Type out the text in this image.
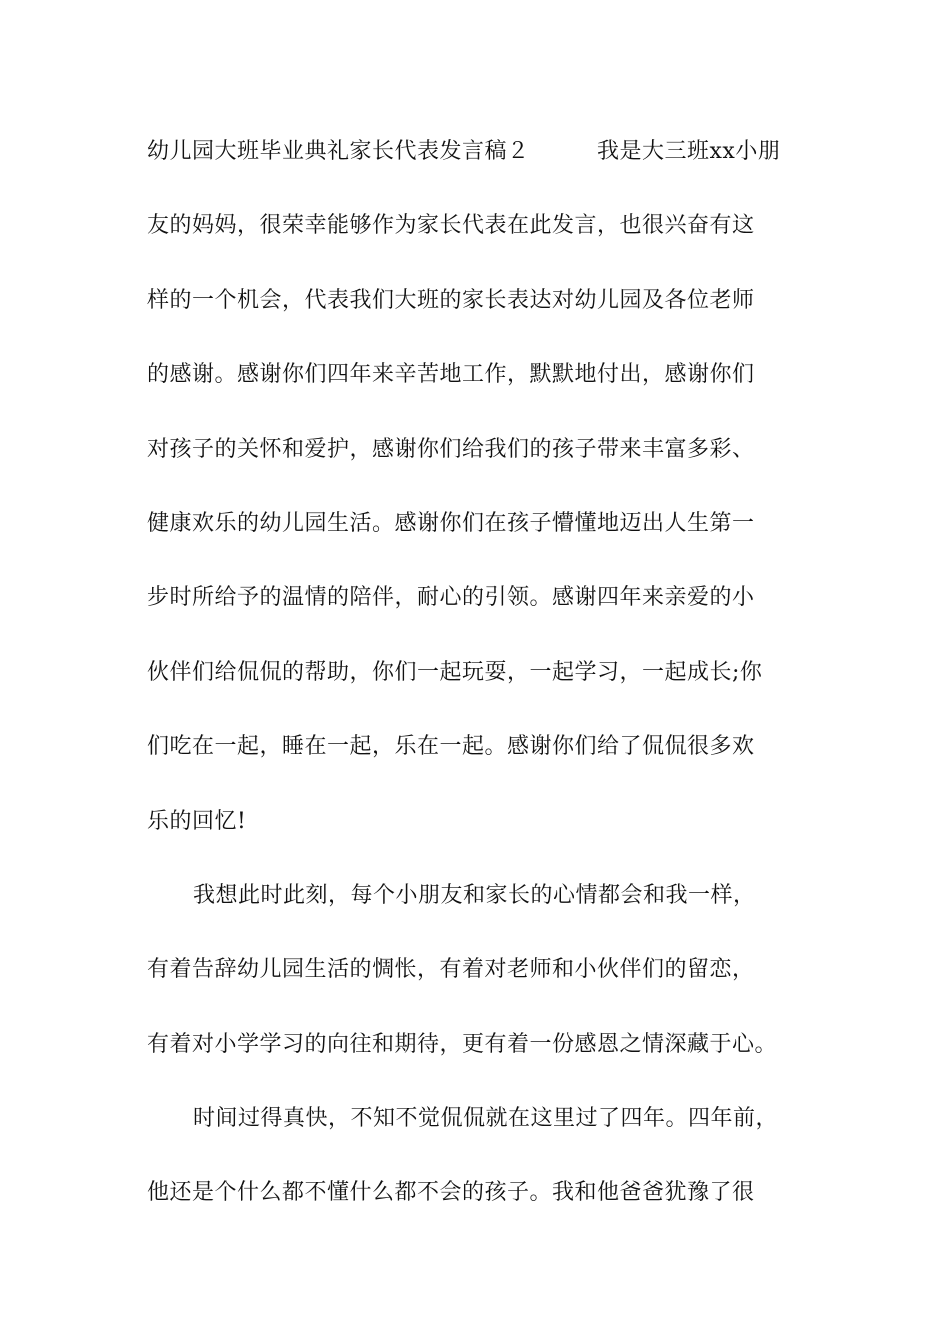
幼儿园大班毕业典礼家长代表发言稿２　　　我是大三班xx小朋
友的妈妈，很荣幸能够作为家长代表在此发言，也很兴奋有这
样的一个机会，代表我们大班的家长表达对幼儿园及各位老师
的感谢。感谢你们四年来辛苦地工作，默默地付出，感谢你们
对孩子的关怀和爱护，感谢你们给我们的孩子带来丰富多彩、
健康欢乐的幼儿园生活。感谢你们在孩子懵懂地迈出人生第一
步时所给予的温情的陪伴，耐心的引领。感谢四年来亲爱的小
伙伴们给侃侃的帮助，你们一起玩耍，一起学习，一起成长;你
们吃在一起，睡在一起，乐在一起。感谢你们给了侃侃很多欢
乐的回忆!
我想此时此刻，每个小朋友和家长的心情都会和我一样，
有着告辞幼儿园生活的惆怅，有着对老师和小伙伴们的留恋，
有着对小学学习的向往和期待，更有着一份感恩之情深藏于心。
时间过得真快，不知不觉侃侃就在这里过了四年。四年前，
他还是个什么都不懂什么都不会的孩子。我和他爸爸犹豫了很
